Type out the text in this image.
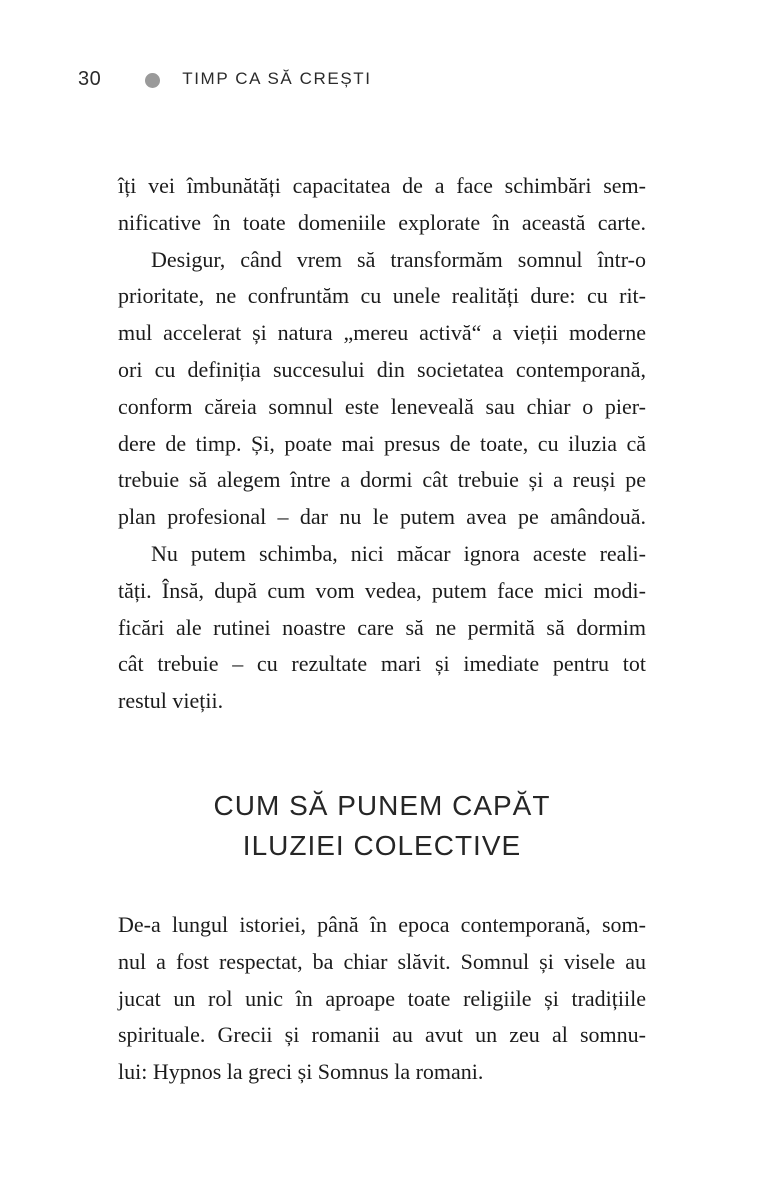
30	TIMP CA SĂ CREȘTI
îți vei îmbunătăți capacitatea de a face schimbări sem-
nificative în toate domeniile explorate în această carte.
Desigur, când vrem să transformăm somnul într-o
prioritate, ne confruntăm cu unele realități dure: cu rit-
mul accelerat și natura „mereu activă“ a vieții moderne
ori cu definiția succesului din societatea contemporană,
conform căreia somnul este leneveală sau chiar o pier-
dere de timp. Și, poate mai presus de toate, cu iluzia că
trebuie să alegem între a dormi cât trebuie și a reuși pe
plan profesional – dar nu le putem avea pe amândouă.
Nu putem schimba, nici măcar ignora aceste reali-
tăți. Însă, după cum vom vedea, putem face mici modi-
ficări ale rutinei noastre care să ne permită să dormim
cât trebuie – cu rezultate mari și imediate pentru tot
restul vieții.
CUM SĂ PUNEM CAPĂT
ILUZIEI COLECTIVE
De-a lungul istoriei, până în epoca contemporană, som-
nul a fost respectat, ba chiar slăvit. Somnul și visele au
jucat un rol unic în aproape toate religiile și tradițiile
spirituale. Grecii și romanii au avut un zeu al somnu-
lui: Hypnos la greci și Somnus la romani.
